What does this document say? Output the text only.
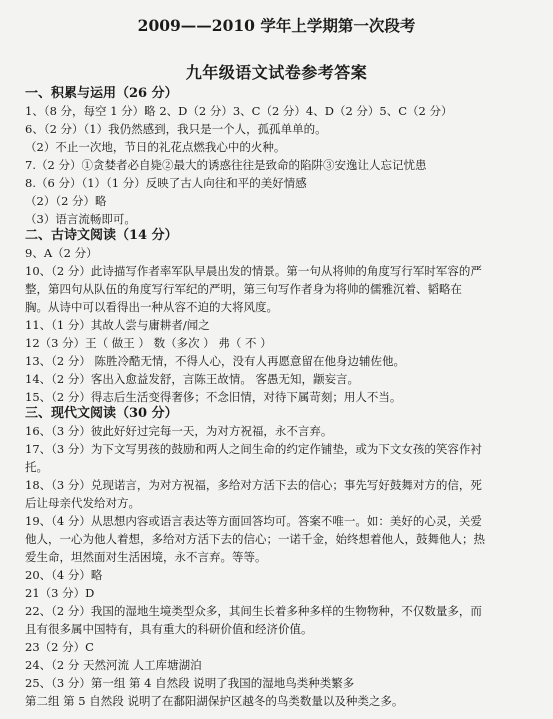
2009——2010 学年上学期第一次段考
九年级语文试卷参考答案
一、积累与运用（26 分）
1、（8 分，每空 1 分）略 2、D（2 分）3、C（2 分）4、D（2 分）5、C（2 分）
6、（2 分）（1）我仍然感到，我只是一个人，孤孤单单的。
（2）不止一次地，节日的礼花点燃我心中的火种。
7.（2 分）①贪婪者必自毙②最大的诱惑往往是致命的陷阱③安逸让人忘记忧患
8.（6 分）（1）（1 分）反映了古人向往和平的美好情感
（2）（2 分）略
（3）语言流畅即可。
二、古诗文阅读（14 分）
9、A（2 分）
10、（2 分）此诗描写作者率军队早晨出发的情景。第一句从将帅的角度写行军时军容的严
整，第四句从队伍的角度写行军纪的严明，第三句写作者身为将帅的儒雅沉着、韬略在
胸。从诗中可以看得出一种从容不迫的大将风度。
11、（1 分）其故人尝与庸耕者/闻之
12（3 分）王（ 做王 ） 数（多次 ） 弗（ 不 ）
13、（2 分） 陈胜冷酷无情，不得人心，没有人再愿意留在他身边辅佐他。
14、（2 分）客出入愈益发舒，言陈王故情。 客愚无知，颛妄言。
15、（2 分）得志后生活变得奢侈；不念旧情，对待下属苛刻；用人不当。
三、现代文阅读（30 分）
16、（3 分）彼此好好过完每一天，为对方祝福，永不言弃。
17、（3 分）为下文写男孩的鼓励和两人之间生命的约定作铺垫，或为下文女孩的笑容作衬
托。
18、（3 分）兑现诺言，为对方祝福，多给对方活下去的信心；事先写好鼓舞对方的信，死
后让母亲代发给对方。
19、（4 分）从思想内容或语言表达等方面回答均可。答案不唯一。如：美好的心灵，关爱
他人，一心为他人着想，多给对方活下去的信心；一诺千金，始终想着他人，鼓舞他人；热
爱生命，坦然面对生活困境，永不言弃。等等。
20、（4 分）略
21（3 分）D
22、（2 分）我国的湿地生境类型众多，其间生长着多种多样的生物物种，不仅数量多，而
且有很多属中国特有，具有重大的科研价值和经济价值。
23（2 分）C
24、（2 分 天然河流 人工库塘湖泊
25、（3 分）第一组 第 4 自然段 说明了我国的湿地鸟类种类繁多
第二组 第 5 自然段 说明了在鄱阳湖保护区越冬的鸟类数量以及种类之多。
